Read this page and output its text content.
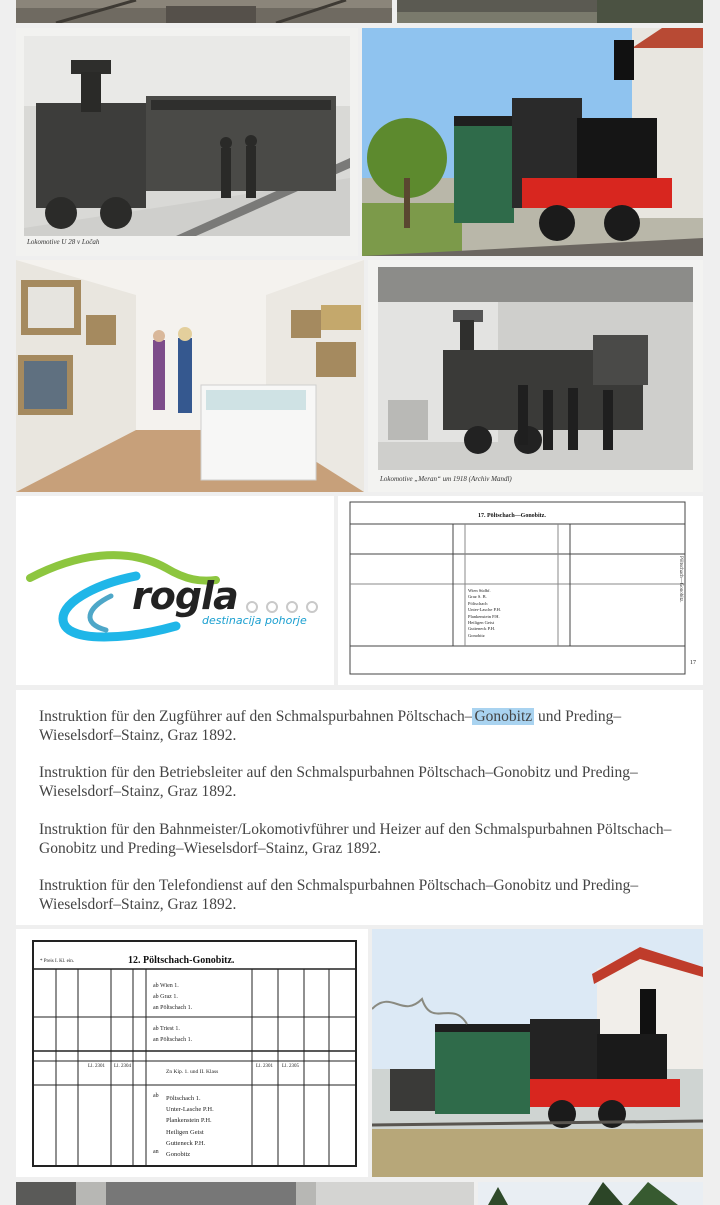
Lokomotive U 28 v Ločah
Lokomotive „Meran“ um 1918 (Archiv Mandl)
rogla
destinacija pohorje
17. Pöltschach—Gonobitz.
Wien Südbf.
Graz S. B.
Pöltschach
Unter-Lasche P.H.
Plankenstein P.H.
Heiligen Geist
Gutteneck P.H.
Gonobitz
Pöltschach—Gonobitz.
17
Instruktion für den Zugführer auf den Schmalspurbahnen Pöltschach– Gonobitz und Preding–Wieselsdorf–Stainz, Graz 1892.
Instruktion für den Betriebsleiter auf den Schmalspurbahnen Pöltschach–Gonobitz und Preding–Wieselsdorf–Stainz, Graz 1892.
Instruktion für den Bahnmeister/Lokomotivführer und Heizer auf den Schmalspurbahnen Pöltschach–Gonobitz und Preding–Wieselsdorf–Stainz, Graz 1892.
Instruktion für den Telefondienst auf den Schmalspurbahnen Pöltschach–Gonobitz und Preding–Wieselsdorf–Stainz, Graz 1892.
* Preis I. Kl. ein.	12. Pöltschach-Gonobitz.
ab Wien 1.
ab Graz 1.
an Pöltschach 1.
ab Triest 1.
an Pöltschach 1.
Zn Kip. 1. und II. Klass
Ll. 2301 Ll. 2304	Ll. 2301 Ll. 2305
Pöltschach 1.
Unter-Lasche P.H.
Plankenstein P.H.
Heiligen Geist
Gutteneck P.H.
Gonobitz
ab
an
